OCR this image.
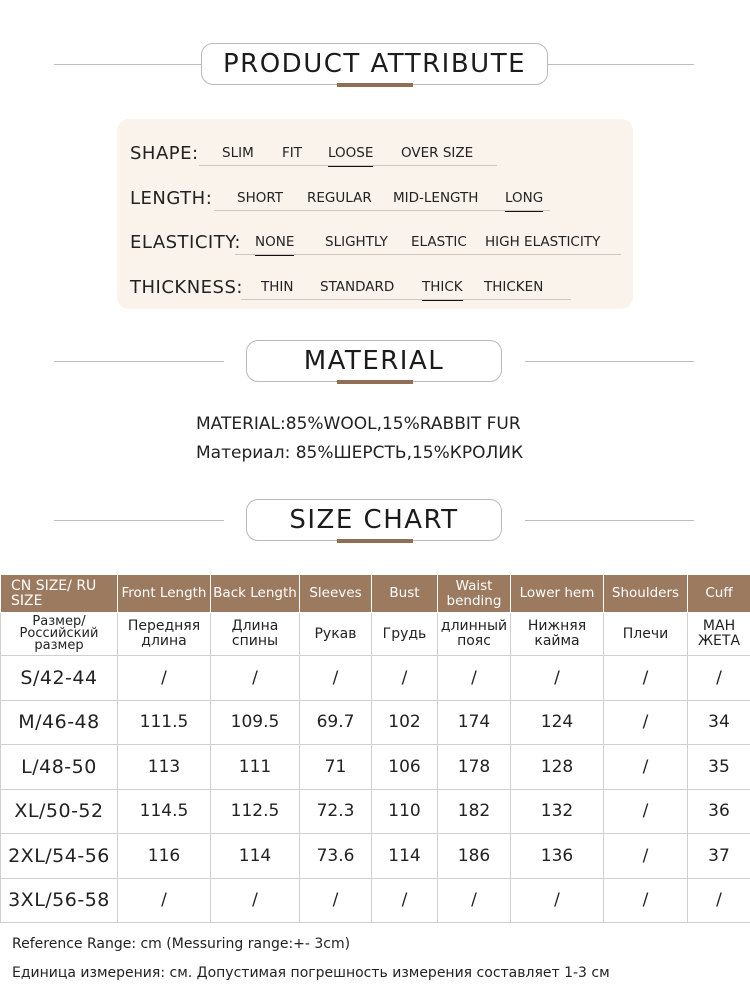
PRODUCT ATTRIBUTE
SHAPE: SLIM FIT LOOSE OVER SIZE
LENGTH: SHORT REGULAR MID-LENGTH LONG
ELASTICITY: NONE SLIGHTLY ELASTIC HIGH ELASTICITY
THICKNESS: THIN STANDARD THICK THICKEN
MATERIAL
MATERIAL:85%WOOL,15%RABBIT FUR
Материал: 85%ШЕРСТЬ,15%КРОЛИК
SIZE CHART
CN SIZE/ RU SIZE	Front Length	Back Length	Sleeves	Bust	Waist bending	Lower hem	Shoulders	Cuff
Размер/ Российский размер	Передняя длина	Длина спины	Рукав	Грудь	длинный пояс	Нижняя кайма	Плечи	МАН ЖЕТА
S/42-44	/	/	/	/	/	/	/	/
M/46-48	111.5	109.5	69.7	102	174	124	/	34
L/48-50	113	111	71	106	178	128	/	35
XL/50-52	114.5	112.5	72.3	110	182	132	/	36
2XL/54-56	116	114	73.6	114	186	136	/	37
3XL/56-58	/	/	/	/	/	/	/	/
Reference Range: cm (Messuring range:+- 3cm)
Единица измерения: см. Допустимая погрешность измерения составляет 1-3 см
